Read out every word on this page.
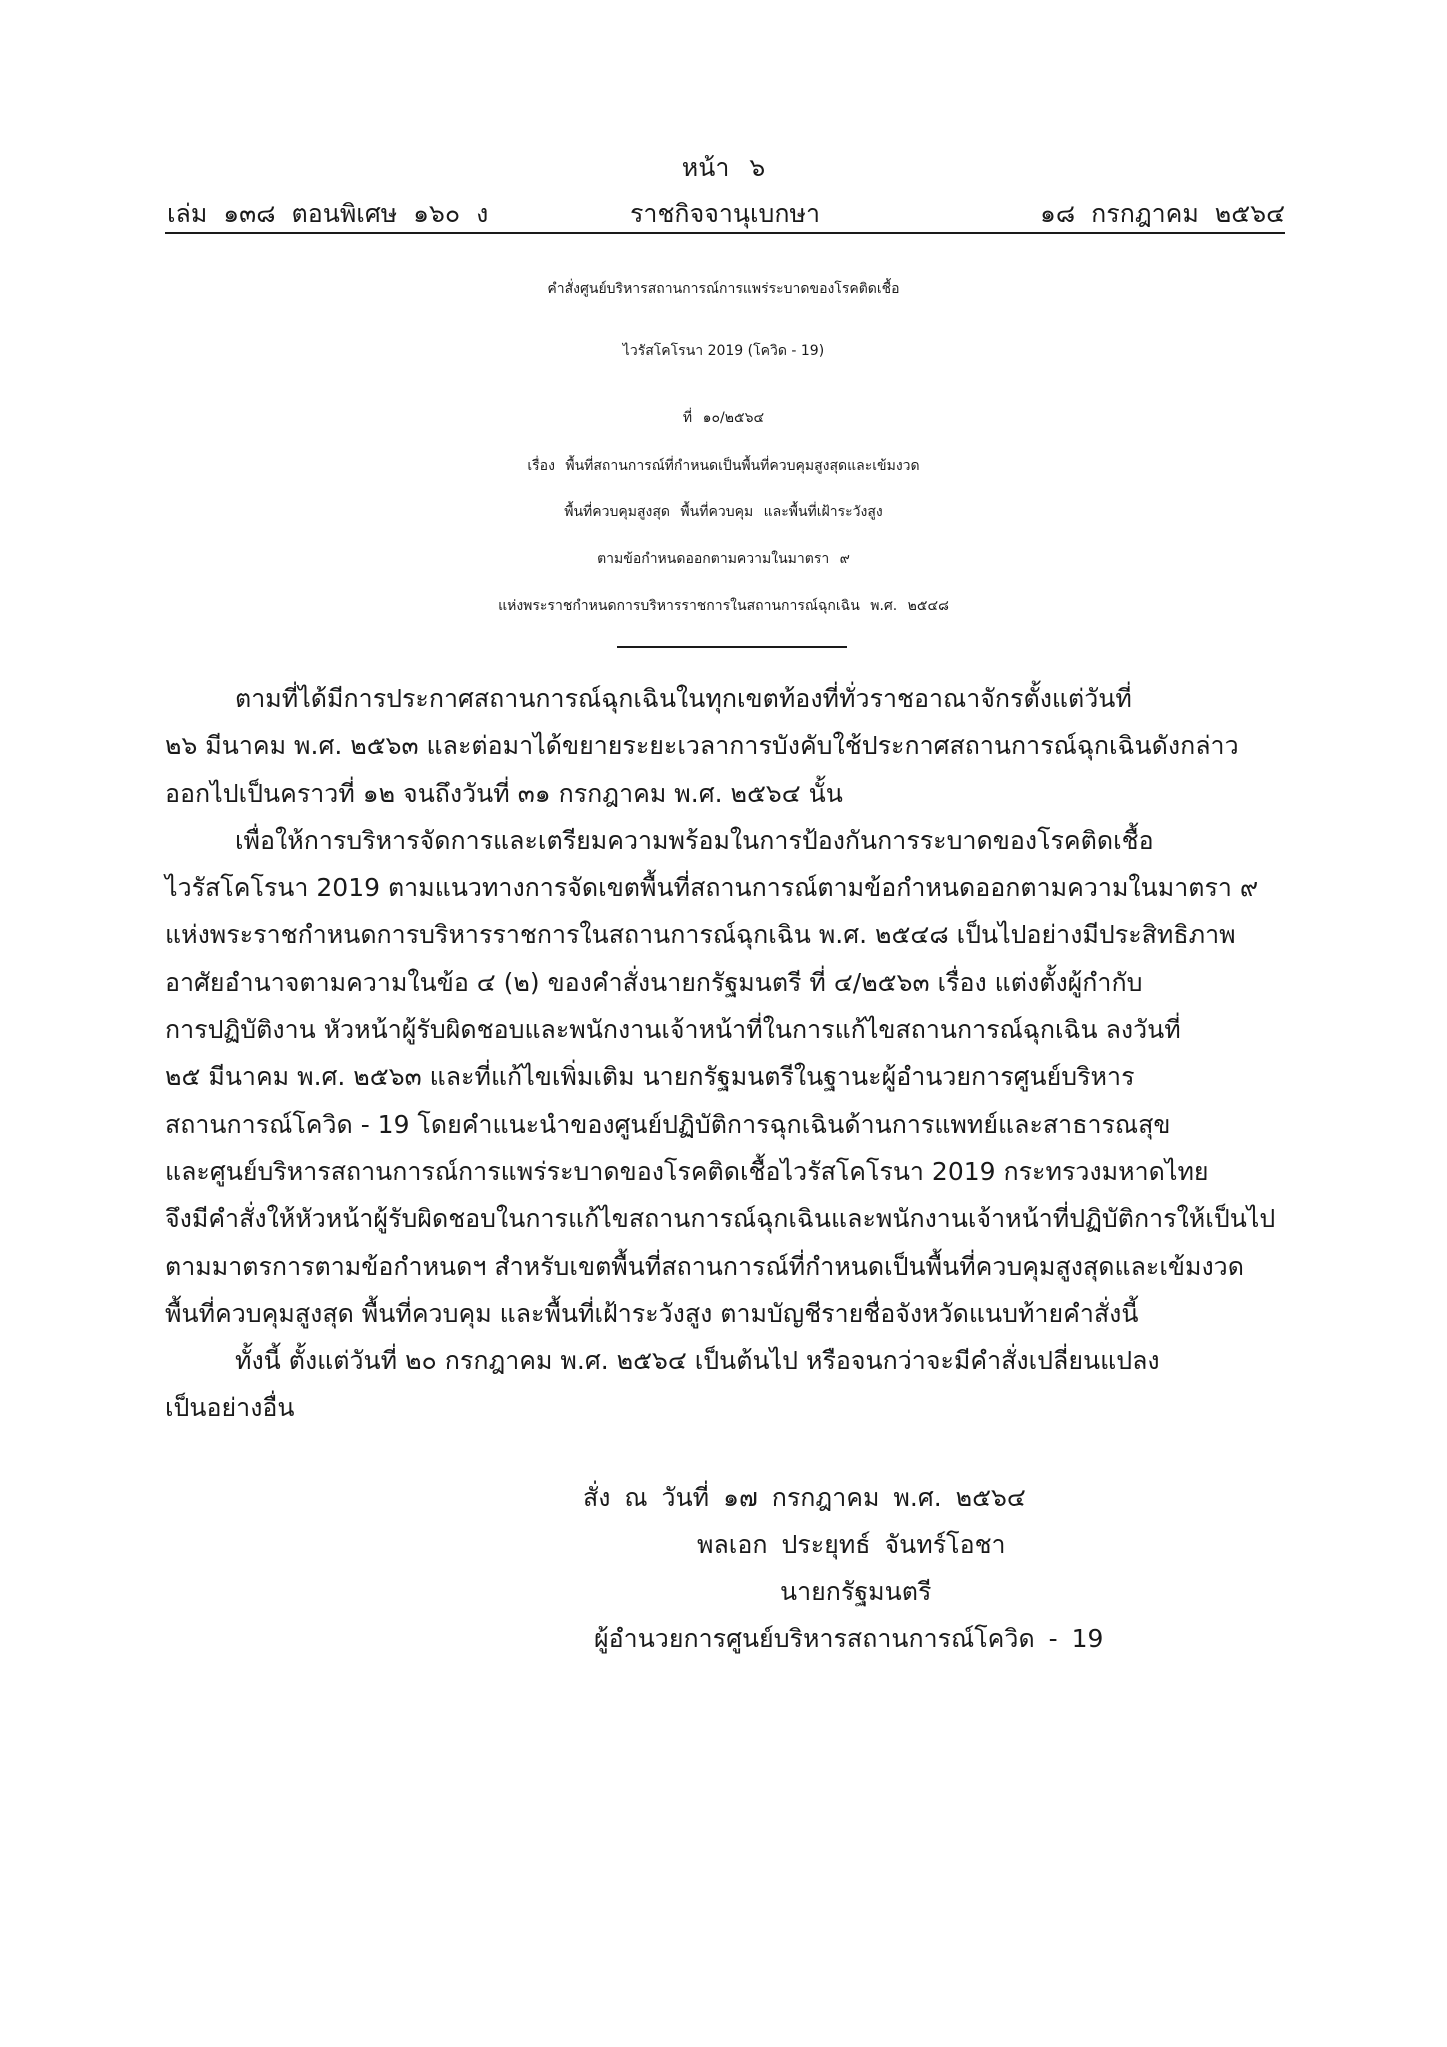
หน้า ๖
เล่ม ๑๓๘ ตอนพิเศษ ๑๖๐ ง	ราชกิจจานุเบกษา	๑๘ กรกฎาคม ๒๕๖๔
คำสั่งศูนย์บริหารสถานการณ์การแพร่ระบาดของโรคติดเชื้อ
ไวรัสโคโรนา 2019 (โควิด - 19)
ที่ ๑๐/๒๕๖๔
เรื่อง พื้นที่สถานการณ์ที่กำหนดเป็นพื้นที่ควบคุมสูงสุดและเข้มงวด
พื้นที่ควบคุมสูงสุด พื้นที่ควบคุม และพื้นที่เฝ้าระวังสูง
ตามข้อกำหนดออกตามความในมาตรา ๙
แห่งพระราชกำหนดการบริหารราชการในสถานการณ์ฉุกเฉิน พ.ศ. ๒๕๔๘
ตามที่ได้มีการประกาศสถานการณ์ฉุกเฉินในทุกเขตท้องที่ทั่วราชอาณาจักรตั้งแต่วันที่
๒๖ มีนาคม พ.ศ. ๒๕๖๓ และต่อมาได้ขยายระยะเวลาการบังคับใช้ประกาศสถานการณ์ฉุกเฉินดังกล่าว
ออกไปเป็นคราวที่ ๑๒ จนถึงวันที่ ๓๑ กรกฎาคม พ.ศ. ๒๕๖๔ นั้น
เพื่อให้การบริหารจัดการและเตรียมความพร้อมในการป้องกันการระบาดของโรคติดเชื้อ
ไวรัสโคโรนา 2019 ตามแนวทางการจัดเขตพื้นที่สถานการณ์ตามข้อกำหนดออกตามความในมาตรา ๙
แห่งพระราชกำหนดการบริหารราชการในสถานการณ์ฉุกเฉิน พ.ศ. ๒๕๔๘ เป็นไปอย่างมีประสิทธิภาพ
อาศัยอำนาจตามความในข้อ ๔ (๒) ของคำสั่งนายกรัฐมนตรี ที่ ๔/๒๕๖๓ เรื่อง แต่งตั้งผู้กำกับ
การปฏิบัติงาน หัวหน้าผู้รับผิดชอบและพนักงานเจ้าหน้าที่ในการแก้ไขสถานการณ์ฉุกเฉิน ลงวันที่
๒๕ มีนาคม พ.ศ. ๒๕๖๓ และที่แก้ไขเพิ่มเติม นายกรัฐมนตรีในฐานะผู้อำนวยการศูนย์บริหาร
สถานการณ์โควิด - 19 โดยคำแนะนำของศูนย์ปฏิบัติการฉุกเฉินด้านการแพทย์และสาธารณสุข
และศูนย์บริหารสถานการณ์การแพร่ระบาดของโรคติดเชื้อไวรัสโคโรนา 2019 กระทรวงมหาดไทย
จึงมีคำสั่งให้หัวหน้าผู้รับผิดชอบในการแก้ไขสถานการณ์ฉุกเฉินและพนักงานเจ้าหน้าที่ปฏิบัติการให้เป็นไป
ตามมาตรการตามข้อกำหนดฯ สำหรับเขตพื้นที่สถานการณ์ที่กำหนดเป็นพื้นที่ควบคุมสูงสุดและเข้มงวด
พื้นที่ควบคุมสูงสุด พื้นที่ควบคุม และพื้นที่เฝ้าระวังสูง ตามบัญชีรายชื่อจังหวัดแนบท้ายคำสั่งนี้
ทั้งนี้ ตั้งแต่วันที่ ๒๐ กรกฎาคม พ.ศ. ๒๕๖๔ เป็นต้นไป หรือจนกว่าจะมีคำสั่งเปลี่ยนแปลง
เป็นอย่างอื่น
สั่ง ณ วันที่ ๑๗ กรกฎาคม พ.ศ. ๒๕๖๔
พลเอก ประยุทธ์ จันทร์โอชา
นายกรัฐมนตรี
ผู้อำนวยการศูนย์บริหารสถานการณ์โควิด - 19
